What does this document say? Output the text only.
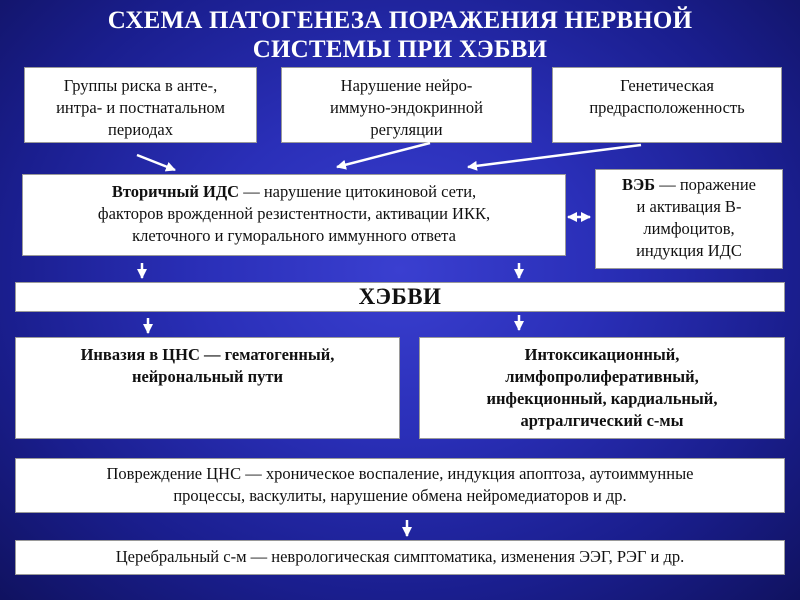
СХЕМА ПАТОГЕНЕЗА ПОРАЖЕНИЯ НЕРВНОЙ
СИСТЕМЫ ПРИ ХЭБВИ
Группы риска в анте-,
интра- и постнатальном
периодах
Нарушение нейро-
иммуно-эндокринной
регуляции
Генетическая
предрасположенность
Вторичный ИДС — нарушение цитокиновой сети,
факторов врожденной резистентности, активации ИКК,
клеточного и гуморального иммунного ответа
ВЭБ — поражение
и активация В-
лимфоцитов,
индукция ИДС
ХЭБВИ
Инвазия в ЦНС — гематогенный,
нейрональный пути
Интоксикационный,
лимфопролиферативный,
инфекционный, кардиальный,
артралгический с-мы
Повреждение ЦНС — хроническое воспаление, индукция апоптоза, аутоиммунные
процессы, васкулиты, нарушение обмена нейромедиаторов и др.
Церебральный с-м — неврологическая симптоматика, изменения ЭЭГ, РЭГ и др.
